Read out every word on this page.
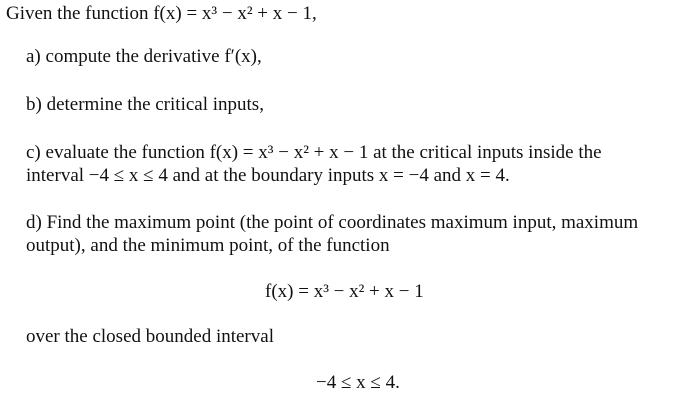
Given the function f(x) = x³ − x² + x − 1,
a) compute the derivative f′(x),
b) determine the critical inputs,
c) evaluate the function f(x) = x³ − x² + x − 1 at the critical inputs inside the
interval −4 ≤ x ≤ 4 and at the boundary inputs x = −4 and x = 4.
d) Find the maximum point (the point of coordinates maximum input, maximum
output), and the minimum point, of the function
f(x) = x³ − x² + x − 1
over the closed bounded interval
−4 ≤ x ≤ 4.
